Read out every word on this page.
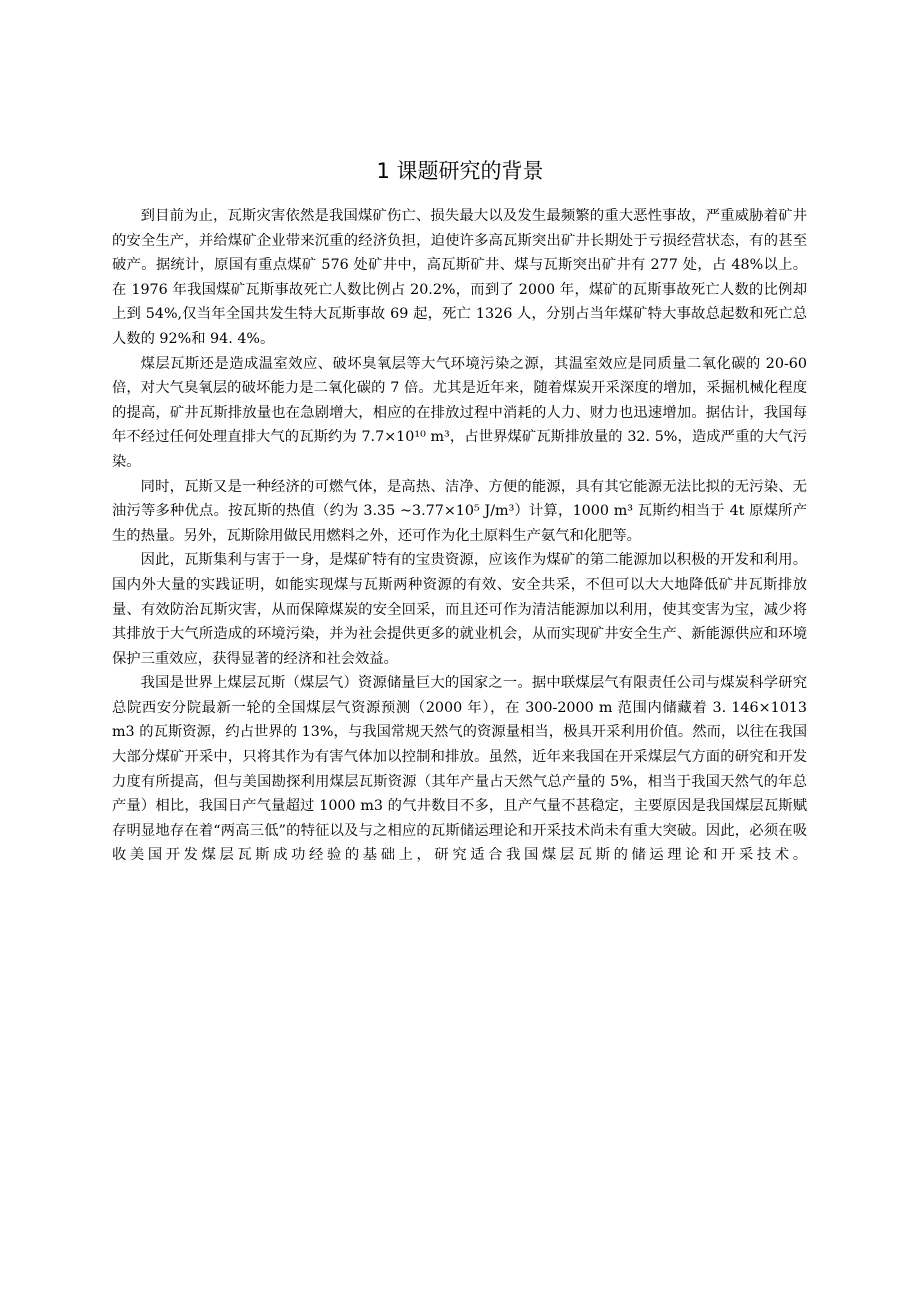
1 课题研究的背景

到目前为止，瓦斯灾害依然是我国煤矿伤亡、损失最大以及发生最频繁的重大恶性事故，严重威胁着矿井的安全生产，并给煤矿企业带来沉重的经济负担，迫使许多高瓦斯突出矿井长期处于亏损经营状态，有的甚至破产。据统计，原国有重点煤矿 576 处矿井中，高瓦斯矿井、煤与瓦斯突出矿井有 277 处，占 48%以上。在 1976 年我国煤矿瓦斯事故死亡人数比例占 20.2%，而到了 2000 年，煤矿的瓦斯事故死亡人数的比例却上到 54%,仅当年全国共发生特大瓦斯事故 69 起，死亡 1326 人，分别占当年煤矿特大事故总起数和死亡总人数的 92%和 94. 4%。

煤层瓦斯还是造成温室效应、破坏臭氧层等大气环境污染之源，其温室效应是同质量二氧化碳的 20-60 倍，对大气臭氧层的破坏能力是二氧化碳的 7 倍。尤其是近年来，随着煤炭开采深度的增加，采掘机械化程度的提高，矿井瓦斯排放量也在急剧增大，相应的在排放过程中消耗的人力、财力也迅速增加。据估计，我国每年不经过任何处理直排大气的瓦斯约为 7.7×10¹⁰ m³，占世界煤矿瓦斯排放量的 32. 5%，造成严重的大气污染。

同时，瓦斯又是一种经济的可燃气体，是高热、洁净、方便的能源，具有其它能源无法比拟的无污染、无油污等多种优点。按瓦斯的热值（约为 3.35 ~3.77×10⁵ J/m³）计算，1000 m³ 瓦斯约相当于 4t 原煤所产生的热量。另外，瓦斯除用做民用燃料之外，还可作为化土原料生产氨气和化肥等。

因此，瓦斯集利与害于一身，是煤矿特有的宝贵资源，应该作为煤矿的第二能源加以积极的开发和利用。国内外大量的实践证明，如能实现煤与瓦斯两种资源的有效、安全共采，不但可以大大地降低矿井瓦斯排放量、有效防治瓦斯灾害，从而保障煤炭的安全回采，而且还可作为清洁能源加以利用，使其变害为宝，减少将其排放于大气所造成的环境污染，并为社会提供更多的就业机会，从而实现矿井安全生产、新能源供应和环境保护三重效应，获得显著的经济和社会效益。

我国是世界上煤层瓦斯（煤层气）资源储量巨大的国家之一。据中联煤层气有限责任公司与煤炭科学研究总院西安分院最新一轮的全国煤层气资源预测（2000 年），在 300-2000 m 范围内储藏着 3. 146×1013 m3 的瓦斯资源，约占世界的 13%，与我国常规天然气的资源量相当，极具开采利用价值。然而，以往在我国大部分煤矿开采中，只将其作为有害气体加以控制和排放。虽然，近年来我国在开采煤层气方面的研究和开发力度有所提高，但与美国勘探利用煤层瓦斯资源（其年产量占天然气总产量的 5%，相当于我国天然气的年总产量）相比，我国日产气量超过 1000 m3 的气井数目不多，且产气量不甚稳定，主要原因是我国煤层瓦斯赋存明显地存在着“两高三低”的特征以及与之相应的瓦斯储运理论和开采技术尚未有重大突破。因此，必须在吸收美国开发煤层瓦斯成功经验的基础上，研究适合我国煤层瓦斯的储运理论和开采技术。
